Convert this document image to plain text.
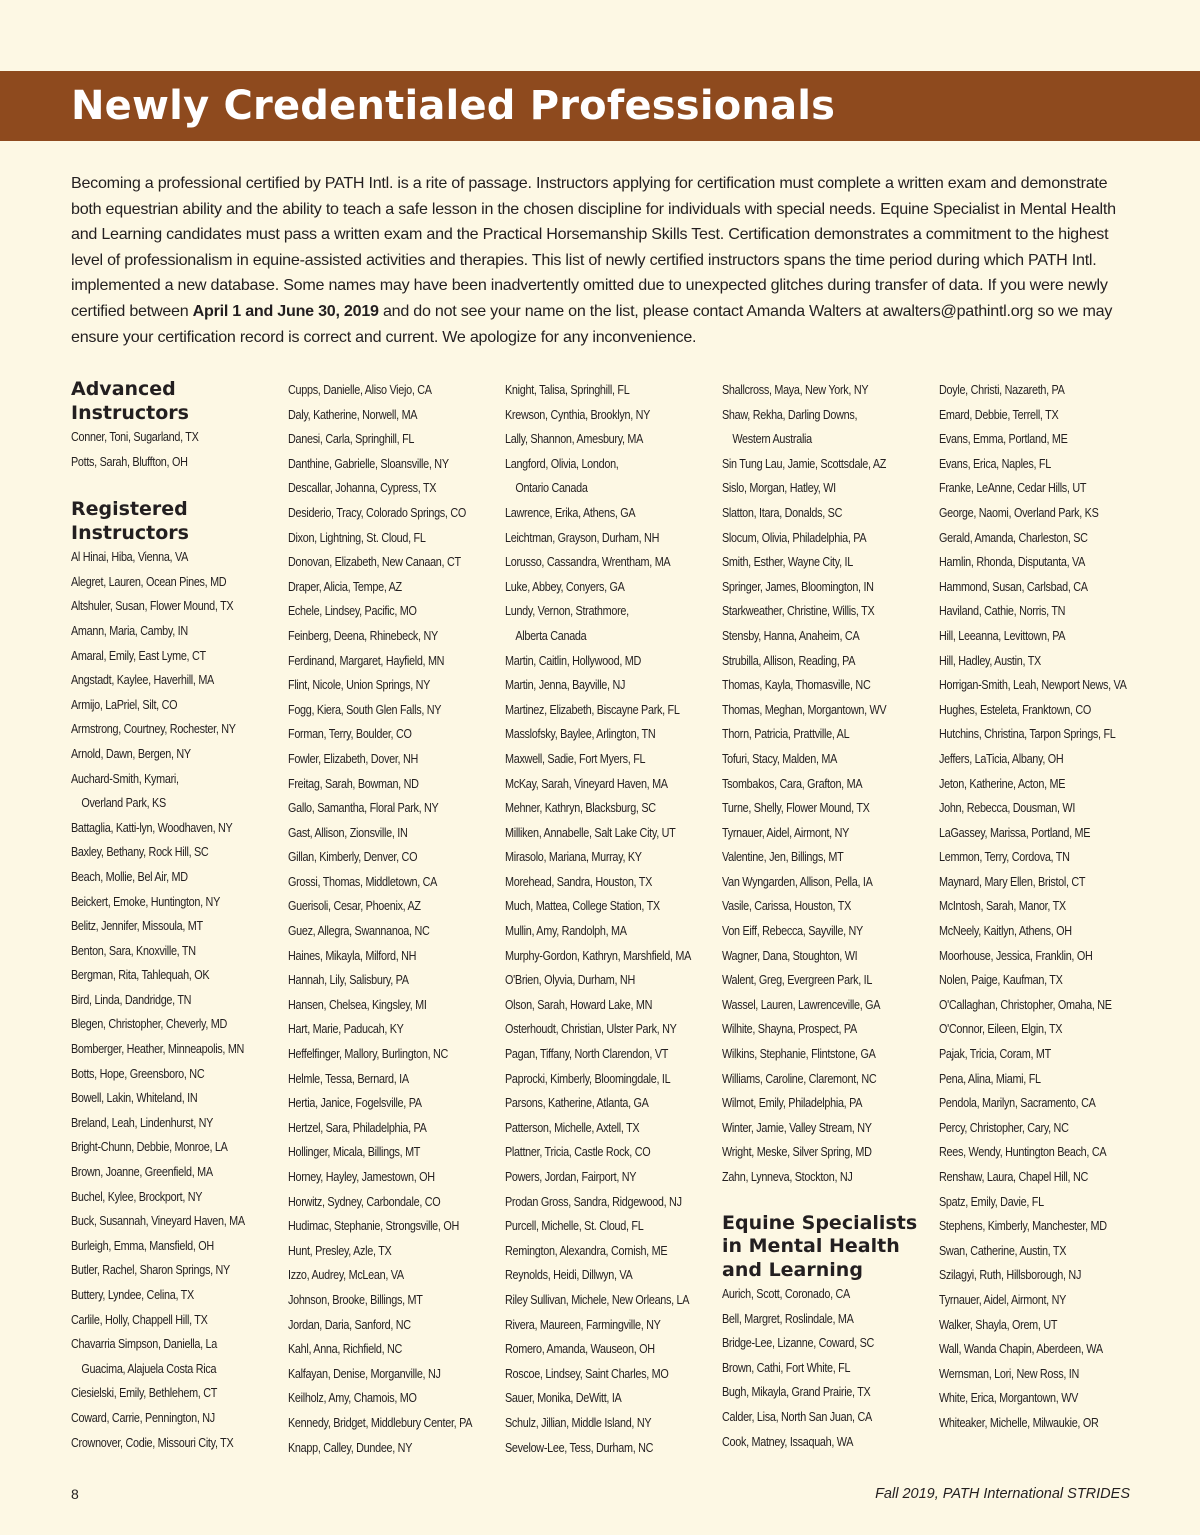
Newly Credentialed Professionals

Becoming a professional certified by PATH Intl. is a rite of passage. Instructors applying for certification must complete a written exam and demonstrate both equestrian ability and the ability to teach a safe lesson in the chosen discipline for individuals with special needs. Equine Specialist in Mental Health and Learning candidates must pass a written exam and the Practical Horsemanship Skills Test. Certification demonstrates a commitment to the highest level of professionalism in equine-assisted activities and therapies. This list of newly certified instructors spans the time period during which PATH Intl. implemented a new database. Some names may have been inadvertently omitted due to unexpected glitches during transfer of data. If you were newly certified between April 1 and June 30, 2019 and do not see your name on the list, please contact Amanda Walters at awalters@pathintl.org so we may ensure your certification record is correct and current. We apologize for any inconvenience.

Advanced
Instructors
Conner, Toni, Sugarland, TX
Potts, Sarah, Bluffton, OH
Registered
Instructors
Al Hinai, Hiba, Vienna, VA
Alegret, Lauren, Ocean Pines, MD
Altshuler, Susan, Flower Mound, TX
Amann, Maria, Camby, IN
Amaral, Emily, East Lyme, CT
Angstadt, Kaylee, Haverhill, MA
Armijo, LaPriel, Silt, CO
Armstrong, Courtney, Rochester, NY
Arnold, Dawn, Bergen, NY
Auchard-Smith, Kymari,
Overland Park, KS
Battaglia, Katti-lyn, Woodhaven, NY
Baxley, Bethany, Rock Hill, SC
Beach, Mollie, Bel Air, MD
Beickert, Emoke, Huntington, NY
Belitz, Jennifer, Missoula, MT
Benton, Sara, Knoxville, TN
Bergman, Rita, Tahlequah, OK
Bird, Linda, Dandridge, TN
Blegen, Christopher, Cheverly, MD
Bomberger, Heather, Minneapolis, MN
Botts, Hope, Greensboro, NC
Bowell, Lakin, Whiteland, IN
Breland, Leah, Lindenhurst, NY
Bright-Chunn, Debbie, Monroe, LA
Brown, Joanne, Greenfield, MA
Buchel, Kylee, Brockport, NY
Buck, Susannah, Vineyard Haven, MA
Burleigh, Emma, Mansfield, OH
Butler, Rachel, Sharon Springs, NY
Buttery, Lyndee, Celina, TX
Carlile, Holly, Chappell Hill, TX
Chavarria Simpson, Daniella, La
Guacima, Alajuela Costa Rica
Ciesielski, Emily, Bethlehem, CT
Coward, Carrie, Pennington, NJ
Crownover, Codie, Missouri City, TX
Cupps, Danielle, Aliso Viejo, CA
Daly, Katherine, Norwell, MA
Danesi, Carla, Springhill, FL
Danthine, Gabrielle, Sloansville, NY
Descallar, Johanna, Cypress, TX
Desiderio, Tracy, Colorado Springs, CO
Dixon, Lightning, St. Cloud, FL
Donovan, Elizabeth, New Canaan, CT
Draper, Alicia, Tempe, AZ
Echele, Lindsey, Pacific, MO
Feinberg, Deena, Rhinebeck, NY
Ferdinand, Margaret, Hayfield, MN
Flint, Nicole, Union Springs, NY
Fogg, Kiera, South Glen Falls, NY
Forman, Terry, Boulder, CO
Fowler, Elizabeth, Dover, NH
Freitag, Sarah, Bowman, ND
Gallo, Samantha, Floral Park, NY
Gast, Allison, Zionsville, IN
Gillan, Kimberly, Denver, CO
Grossi, Thomas, Middletown, CA
Guerisoli, Cesar, Phoenix, AZ
Guez, Allegra, Swannanoa, NC
Haines, Mikayla, Milford, NH
Hannah, Lily, Salisbury, PA
Hansen, Chelsea, Kingsley, MI
Hart, Marie, Paducah, KY
Heffelfinger, Mallory, Burlington, NC
Helmle, Tessa, Bernard, IA
Hertia, Janice, Fogelsville, PA
Hertzel, Sara, Philadelphia, PA
Hollinger, Micala, Billings, MT
Horney, Hayley, Jamestown, OH
Horwitz, Sydney, Carbondale, CO
Hudimac, Stephanie, Strongsville, OH
Hunt, Presley, Azle, TX
Izzo, Audrey, McLean, VA
Johnson, Brooke, Billings, MT
Jordan, Daria, Sanford, NC
Kahl, Anna, Richfield, NC
Kalfayan, Denise, Morganville, NJ
Keilholz, Amy, Chamois, MO
Kennedy, Bridget, Middlebury Center, PA
Knapp, Calley, Dundee, NY
Knight, Talisa, Springhill, FL
Krewson, Cynthia, Brooklyn, NY
Lally, Shannon, Amesbury, MA
Langford, Olivia, London,
Ontario Canada
Lawrence, Erika, Athens, GA
Leichtman, Grayson, Durham, NH
Lorusso, Cassandra, Wrentham, MA
Luke, Abbey, Conyers, GA
Lundy, Vernon, Strathmore,
Alberta Canada
Martin, Caitlin, Hollywood, MD
Martin, Jenna, Bayville, NJ
Martinez, Elizabeth, Biscayne Park, FL
Masslofsky, Baylee, Arlington, TN
Maxwell, Sadie, Fort Myers, FL
McKay, Sarah, Vineyard Haven, MA
Mehner, Kathryn, Blacksburg, SC
Milliken, Annabelle, Salt Lake City, UT
Mirasolo, Mariana, Murray, KY
Morehead, Sandra, Houston, TX
Much, Mattea, College Station, TX
Mullin, Amy, Randolph, MA
Murphy-Gordon, Kathryn, Marshfield, MA
O'Brien, Olyvia, Durham, NH
Olson, Sarah, Howard Lake, MN
Osterhoudt, Christian, Ulster Park, NY
Pagan, Tiffany, North Clarendon, VT
Paprocki, Kimberly, Bloomingdale, IL
Parsons, Katherine, Atlanta, GA
Patterson, Michelle, Axtell, TX
Plattner, Tricia, Castle Rock, CO
Powers, Jordan, Fairport, NY
Prodan Gross, Sandra, Ridgewood, NJ
Purcell, Michelle, St. Cloud, FL
Remington, Alexandra, Cornish, ME
Reynolds, Heidi, Dillwyn, VA
Riley Sullivan, Michele, New Orleans, LA
Rivera, Maureen, Farmingville, NY
Romero, Amanda, Wauseon, OH
Roscoe, Lindsey, Saint Charles, MO
Sauer, Monika, DeWitt, IA
Schulz, Jillian, Middle Island, NY
Sevelow-Lee, Tess, Durham, NC
Shallcross, Maya, New York, NY
Shaw, Rekha, Darling Downs,
Western Australia
Sin Tung Lau, Jamie, Scottsdale, AZ
Sislo, Morgan, Hatley, WI
Slatton, Itara, Donalds, SC
Slocum, Olivia, Philadelphia, PA
Smith, Esther, Wayne City, IL
Springer, James, Bloomington, IN
Starkweather, Christine, Willis, TX
Stensby, Hanna, Anaheim, CA
Strubilla, Allison, Reading, PA
Thomas, Kayla, Thomasville, NC
Thomas, Meghan, Morgantown, WV
Thorn, Patricia, Prattville, AL
Tofuri, Stacy, Malden, MA
Tsombakos, Cara, Grafton, MA
Turne, Shelly, Flower Mound, TX
Tyrnauer, Aidel, Airmont, NY
Valentine, Jen, Billings, MT
Van Wyngarden, Allison, Pella, IA
Vasile, Carissa, Houston, TX
Von Eiff, Rebecca, Sayville, NY
Wagner, Dana, Stoughton, WI
Walent, Greg, Evergreen Park, IL
Wassel, Lauren, Lawrenceville, GA
Wilhite, Shayna, Prospect, PA
Wilkins, Stephanie, Flintstone, GA
Williams, Caroline, Claremont, NC
Wilmot, Emily, Philadelphia, PA
Winter, Jamie, Valley Stream, NY
Wright, Meske, Silver Spring, MD
Zahn, Lynneva, Stockton, NJ
Equine Specialists
in Mental Health
and Learning
Aurich, Scott, Coronado, CA
Bell, Margret, Roslindale, MA
Bridge-Lee, Lizanne, Coward, SC
Brown, Cathi, Fort White, FL
Bugh, Mikayla, Grand Prairie, TX
Calder, Lisa, North San Juan, CA
Cook, Matney, Issaquah, WA
Doyle, Christi, Nazareth, PA
Emard, Debbie, Terrell, TX
Evans, Emma, Portland, ME
Evans, Erica, Naples, FL
Franke, LeAnne, Cedar Hills, UT
George, Naomi, Overland Park, KS
Gerald, Amanda, Charleston, SC
Hamlin, Rhonda, Disputanta, VA
Hammond, Susan, Carlsbad, CA
Haviland, Cathie, Norris, TN
Hill, Leeanna, Levittown, PA
Hill, Hadley, Austin, TX
Horrigan-Smith, Leah, Newport News, VA
Hughes, Esteleta, Franktown, CO
Hutchins, Christina, Tarpon Springs, FL
Jeffers, LaTicia, Albany, OH
Jeton, Katherine, Acton, ME
John, Rebecca, Dousman, WI
LaGassey, Marissa, Portland, ME
Lemmon, Terry, Cordova, TN
Maynard, Mary Ellen, Bristol, CT
McIntosh, Sarah, Manor, TX
McNeely, Kaitlyn, Athens, OH
Moorhouse, Jessica, Franklin, OH
Nolen, Paige, Kaufman, TX
O'Callaghan, Christopher, Omaha, NE
O'Connor, Eileen, Elgin, TX
Pajak, Tricia, Coram, MT
Pena, Alina, Miami, FL
Pendola, Marilyn, Sacramento, CA
Percy, Christopher, Cary, NC
Rees, Wendy, Huntington Beach, CA
Renshaw, Laura, Chapel Hill, NC
Spatz, Emily, Davie, FL
Stephens, Kimberly, Manchester, MD
Swan, Catherine, Austin, TX
Szilagyi, Ruth, Hillsborough, NJ
Tyrnauer, Aidel, Airmont, NY
Walker, Shayla, Orem, UT
Wall, Wanda Chapin, Aberdeen, WA
Wernsman, Lori, New Ross, IN
White, Erica, Morgantown, WV
Whiteaker, Michelle, Milwaukie, OR
8	Fall 2019, PATH International STRIDES
